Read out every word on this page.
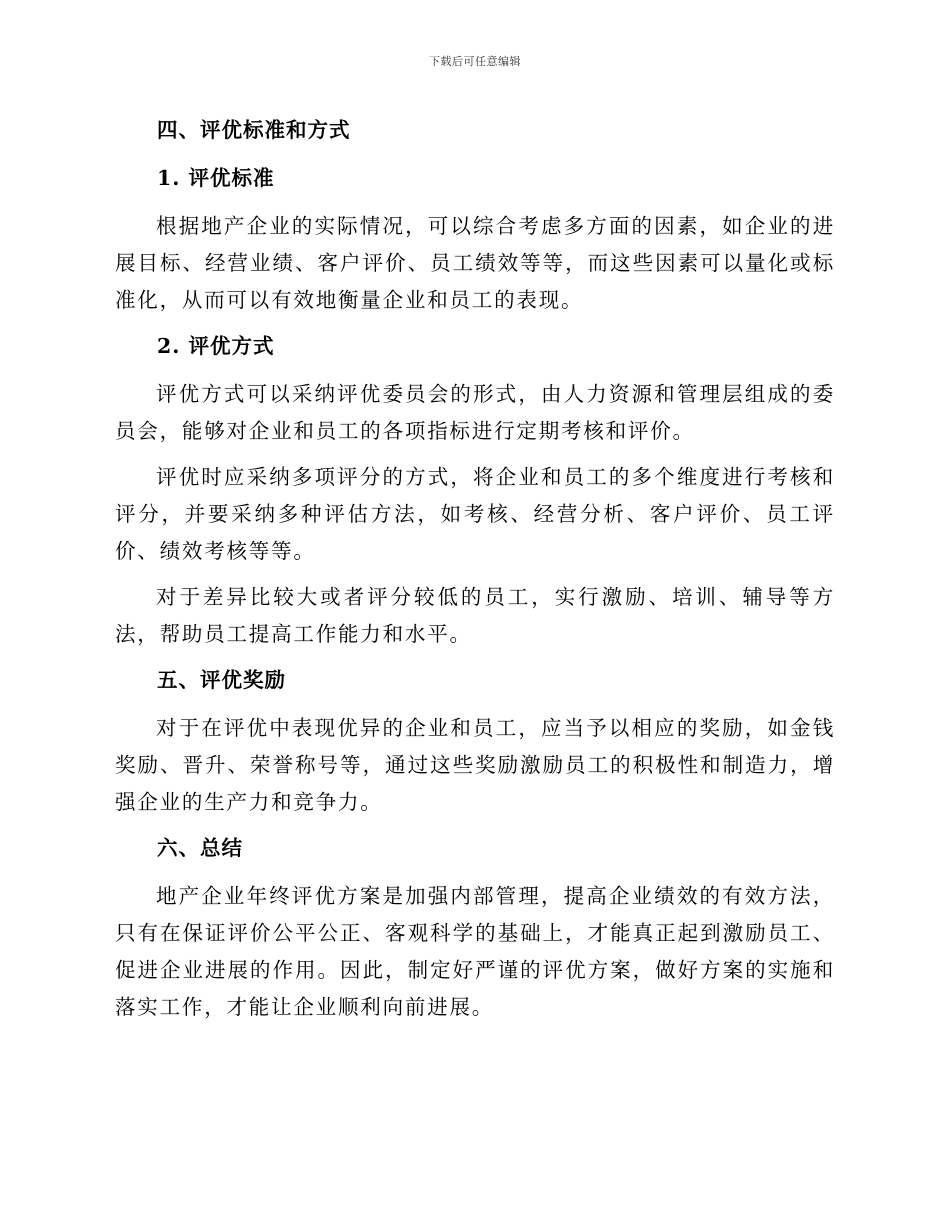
下载后可任意编辑

四、评优标准和方式

1. 评优标准

根据地产企业的实际情况，可以综合考虑多方面的因素，如企业的进展目标、经营业绩、客户评价、员工绩效等等，而这些因素可以量化或标准化，从而可以有效地衡量企业和员工的表现。

2. 评优方式

评优方式可以采纳评优委员会的形式，由人力资源和管理层组成的委员会，能够对企业和员工的各项指标进行定期考核和评价。

评优时应采纳多项评分的方式，将企业和员工的多个维度进行考核和评分，并要采纳多种评估方法，如考核、经营分析、客户评价、员工评价、绩效考核等等。

对于差异比较大或者评分较低的员工，实行激励、培训、辅导等方法，帮助员工提高工作能力和水平。

五、评优奖励

对于在评优中表现优异的企业和员工，应当予以相应的奖励，如金钱奖励、晋升、荣誉称号等，通过这些奖励激励员工的积极性和制造力，增强企业的生产力和竞争力。

六、总结

地产企业年终评优方案是加强内部管理，提高企业绩效的有效方法，只有在保证评价公平公正、客观科学的基础上，才能真正起到激励员工、促进企业进展的作用。因此，制定好严谨的评优方案，做好方案的实施和落实工作，才能让企业顺利向前进展。
